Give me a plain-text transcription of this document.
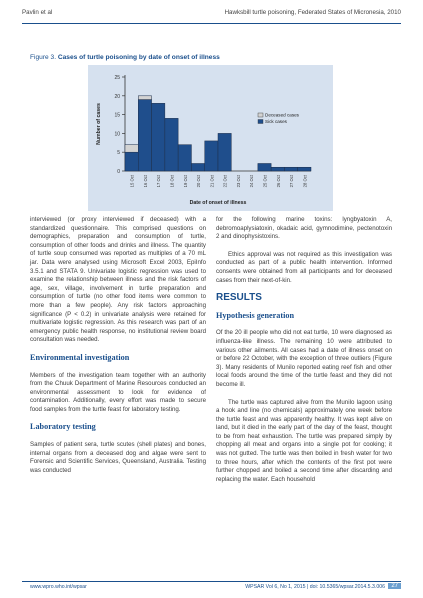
Pavlin et al	Hawksbill turtle poisoning, Federated States of Micronesia, 2010
Figure 3. Cases of turtle poisoning by date of onset of illness
0
5
10
15
20
25
15 Oct 16 Oct 17 Oct 18 Oct 19 Oct 20 Oct 21 Oct 22 Oct 23 Oct 24 Oct 25 Oct 26 Oct 27 Oct 28 Oct
Number of cases
Date of onset of illness
Deceased cases
Sick cases

interviewed (or proxy interviewed if deceased) with a standardized questionnaire. This comprised questions on demographics, preparation and consumption of turtle, consumption of other foods and drinks and illness. The quantity of turtle soup consumed was reported as multiples of a 70 mL jar. Data were analysed using Microsoft Excel 2003, EpiInfo 3.5.1 and STATA 9. Univariate logistic regression was used to examine the relationship between illness and the risk factors of age, sex, village, involvement in turtle preparation and consumption of turtle (no other food items were common to more than a few people). Any risk factors approaching significance (P < 0.2) in univariate analysis were retained for multivariate logistic regression. As this research was part of an emergency public health response, no institutional review board consultation was needed.

Environmental investigation

Members of the investigation team together with an authority from the Chuuk Department of Marine Resources conducted an environmental assessment to look for evidence of contamination. Additionally, every effort was made to secure food samples from the turtle feast for laboratory testing.

Laboratory testing

Samples of patient sera, turtle scutes (shell plates) and bones, internal organs from a deceased dog and algae were sent to Forensic and Scientific Services, Queensland, Australia. Testing was conducted

for the following marine toxins: lyngbyatoxin A, debromoaplysiatoxin, okadaic acid, gymnodimine, pectenotoxin 2 and dinophysistoxins.

Ethics approval was not required as this investigation was conducted as part of a public health intervention. Informed consents were obtained from all participants and for deceased cases from their next-of-kin.

RESULTS

Hypothesis generation

Of the 20 ill people who did not eat turtle, 10 were diagnosed as influenza-like illness. The remaining 10 were attributed to various other ailments. All cases had a date of illness onset on or before 22 October, with the exception of three outliers (Figure 3). Many residents of Munilo reported eating reef fish and other local foods around the time of the turtle feast and they did not become ill.

The turtle was captured alive from the Munilo lagoon using a hook and line (no chemicals) approximately one week before the turtle feast and was apparently healthy. It was kept alive on land, but it died in the early part of the day of the feast, thought to be from heat exhaustion. The turtle was prepared simply by chopping all meat and organs into a single pot for cooking; it was not gutted. The turtle was then boiled in fresh water for two to three hours, after which the contents of the first pot were further chopped and boiled a second time after discarding and replacing the water. Each household

www.wpro.who.int/wpsar	WPSAR Vol 6, No 1, 2015 | doi: 10.5365/wpsar.2014.5.3.006	27
